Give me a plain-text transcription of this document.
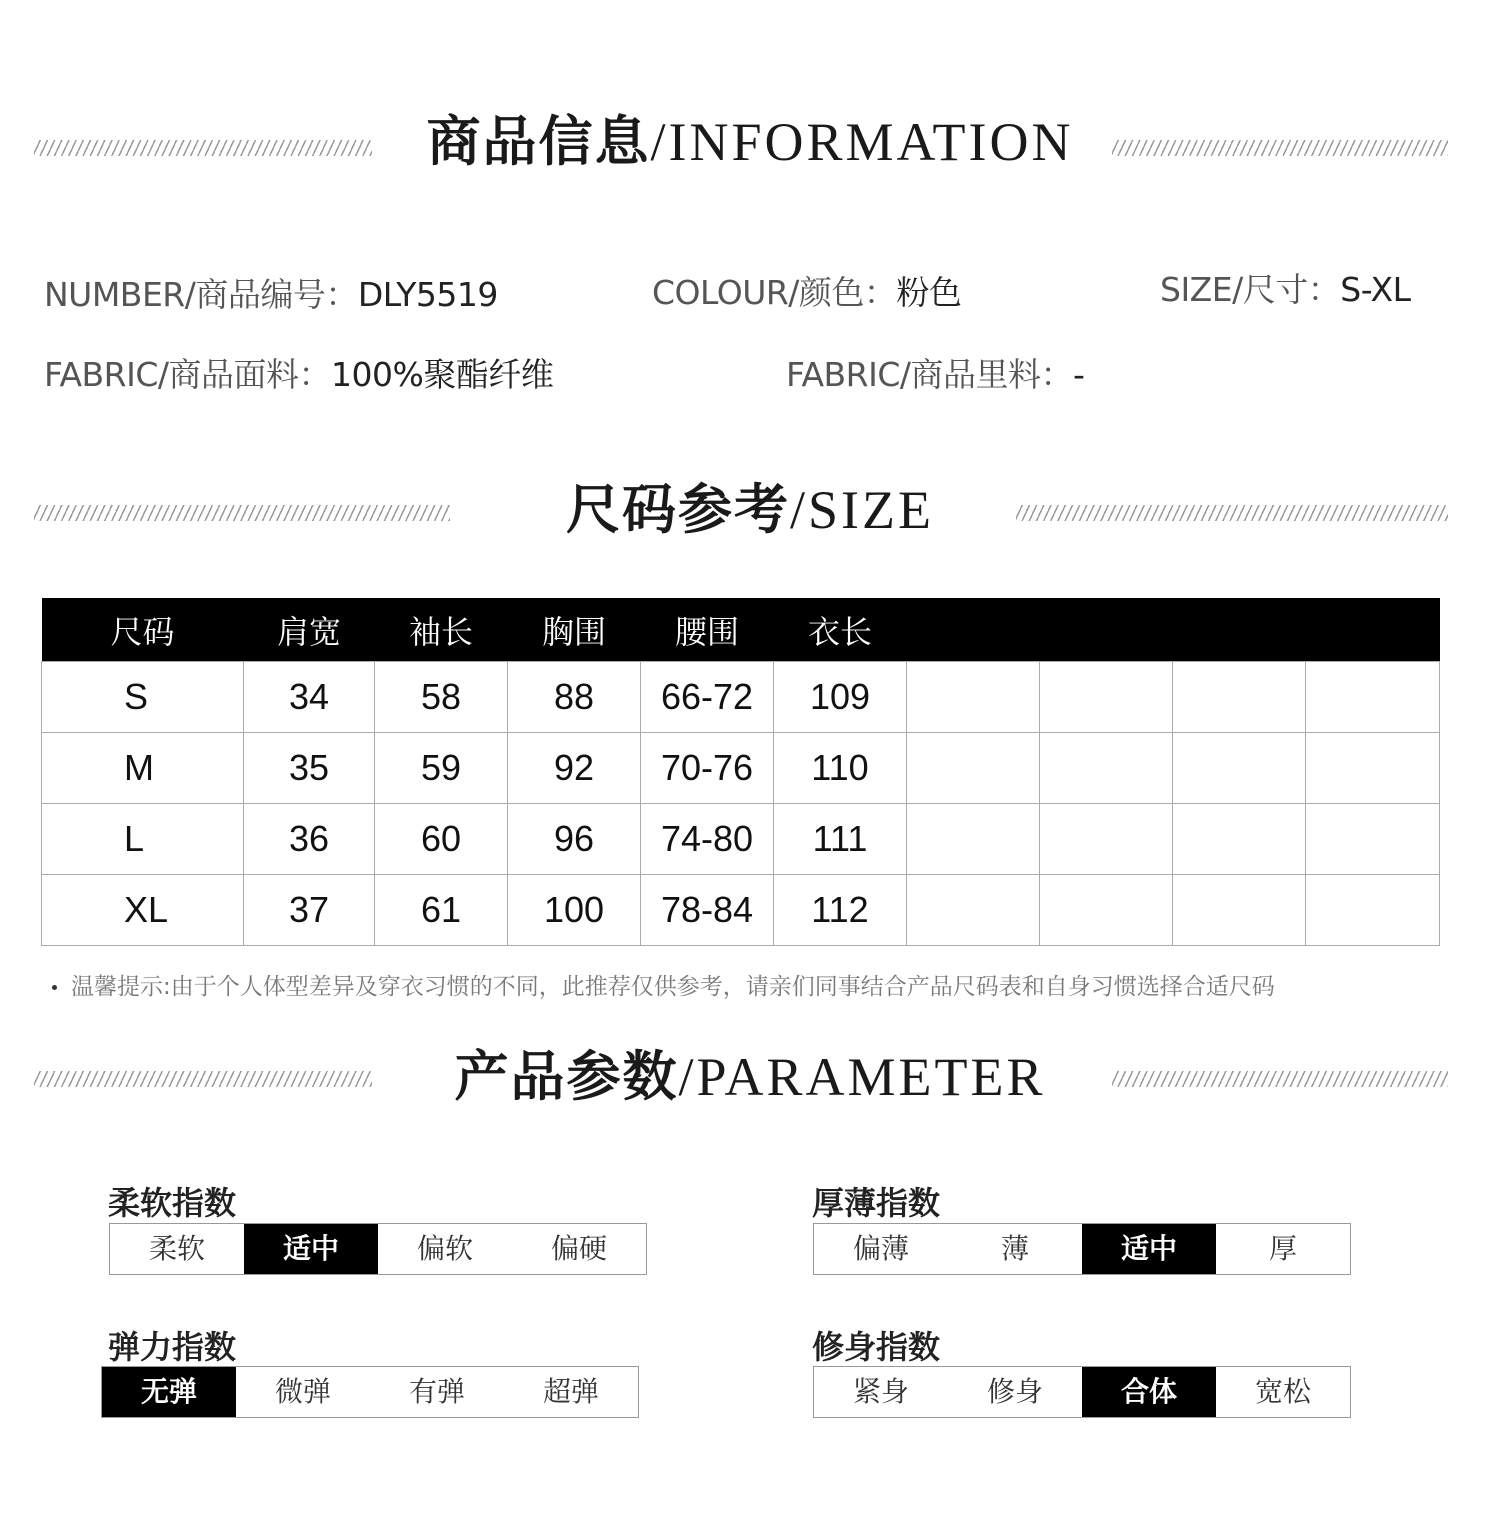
商品信息/INFORMATION
NUMBER/商品编号：DLY5519	COLOUR/颜色：粉色	SIZE/尺寸：S-XL
FABRIC/商品面料：100%聚酯纤维	FABRIC/商品里料：-
尺码参考/SIZE
尺码	肩宽	袖长	胸围	腰围	衣长				
S	34	58	88	66-72	109				
M	35	59	92	70-76	110				
L	36	60	96	74-80	111				
XL	37	61	100	78-84	112				
温馨提示:由于个人体型差异及穿衣习惯的不同，此推荐仅供参考，请亲们同事结合产品尺码表和自身习惯选择合适尺码
产品参数/PARAMETER
柔软指数
柔软	适中	偏软	偏硬
厚薄指数
偏薄	薄	适中	厚
弹力指数
无弹	微弹	有弹	超弹
修身指数
紧身	修身	合体	宽松
